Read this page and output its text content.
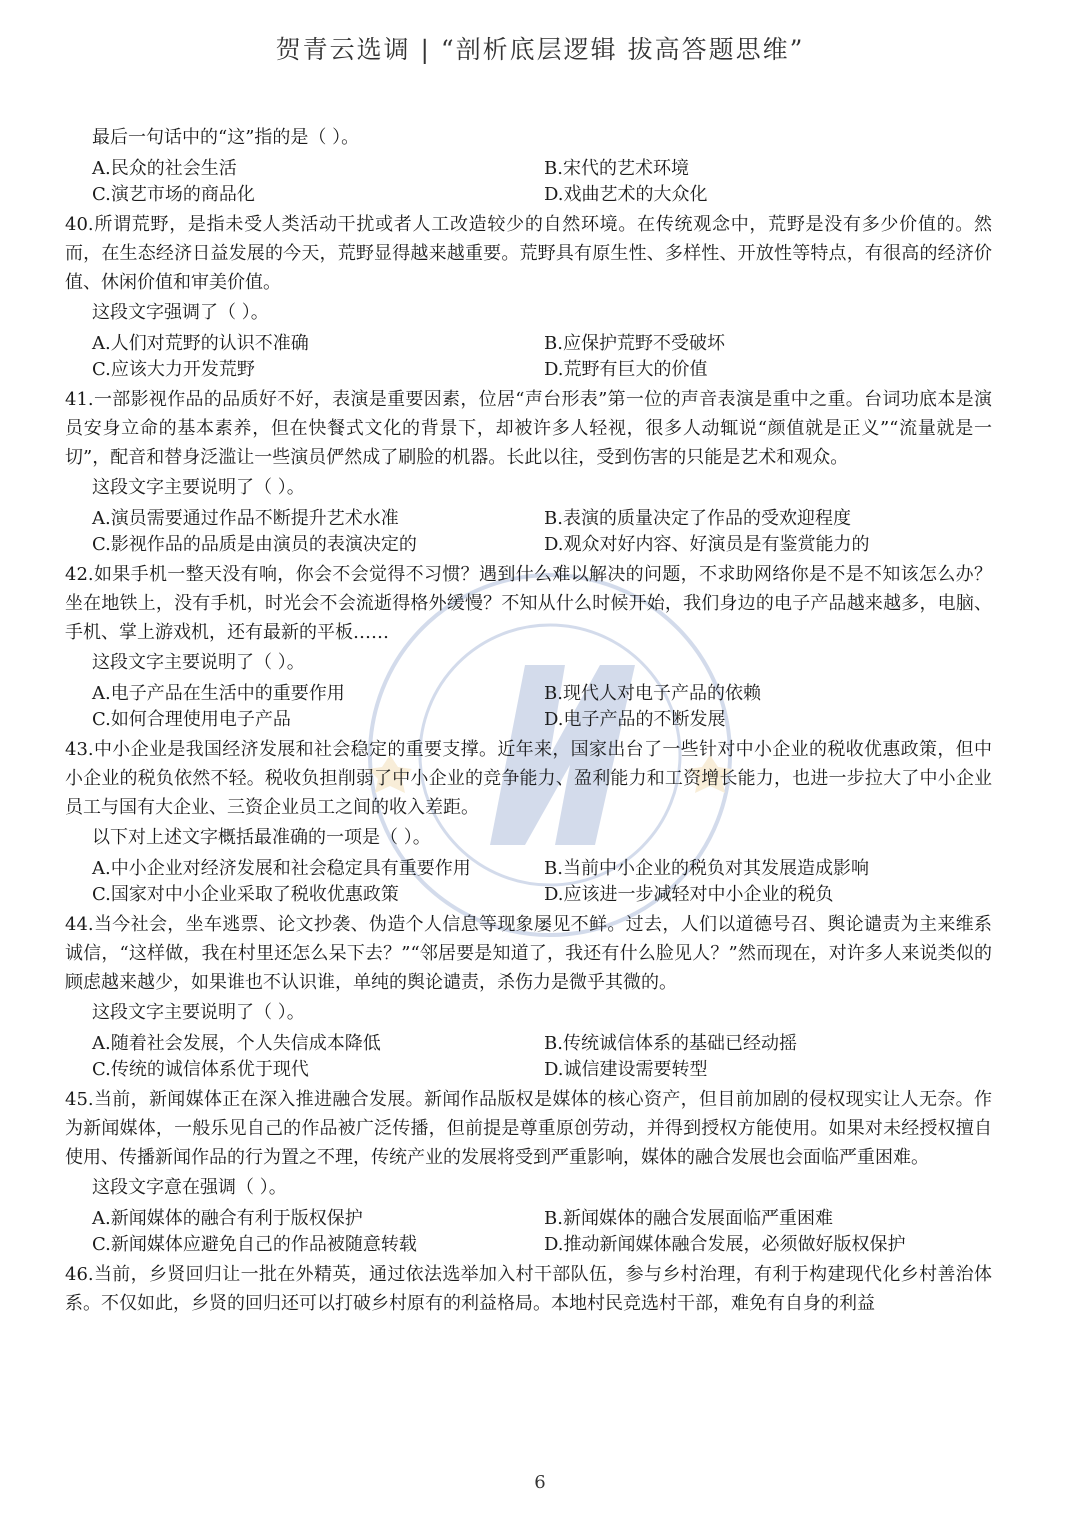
贺青云选调 | “剖析底层逻辑 拔高答题思维”

最后一句话中的“这”指的是（ ）。

A.民众的社会生活	B.宋代的艺术环境
C.演艺市场的商品化	D.戏曲艺术的大众化
40.所谓荒野，是指未受人类活动干扰或者人工改造较少的自然环境。在传统观念中，荒野是没有多少价值的。然而，在生态经济日益发展的今天，荒野显得越来越重要。荒野具有原生性、多样性、开放性等特点，有很高的经济价值、休闲价值和审美价值。

这段文字强调了（ ）。

A.人们对荒野的认识不准确	B.应保护荒野不受破坏
C.应该大力开发荒野	D.荒野有巨大的价值
41.一部影视作品的品质好不好，表演是重要因素，位居“声台形表”第一位的声音表演是重中之重。台词功底本是演员安身立命的基本素养，但在快餐式文化的背景下，却被许多人轻视，很多人动辄说“颜值就是正义”“流量就是一切”，配音和替身泛滥让一些演员俨然成了刷脸的机器。长此以往，受到伤害的只能是艺术和观众。

这段文字主要说明了（ ）。

A.演员需要通过作品不断提升艺术水准	B.表演的质量决定了作品的受欢迎程度
C.影视作品的品质是由演员的表演决定的	D.观众对好内容、好演员是有鉴赏能力的
42.如果手机一整天没有响，你会不会觉得不习惯？遇到什么难以解决的问题，不求助网络你是不是不知该怎么办？坐在地铁上，没有手机，时光会不会流逝得格外缓慢？不知从什么时候开始，我们身边的电子产品越来越多，电脑、手机、掌上游戏机，还有最新的平板……

这段文字主要说明了（ ）。

A.电子产品在生活中的重要作用	B.现代人对电子产品的依赖
C.如何合理使用电子产品	D.电子产品的不断发展
43.中小企业是我国经济发展和社会稳定的重要支撑。近年来，国家出台了一些针对中小企业的税收优惠政策，但中小企业的税负依然不轻。税收负担削弱了中小企业的竞争能力、盈利能力和工资增长能力，也进一步拉大了中小企业员工与国有大企业、三资企业员工之间的收入差距。

以下对上述文字概括最准确的一项是（ ）。

A.中小企业对经济发展和社会稳定具有重要作用	B.当前中小企业的税负对其发展造成影响
C.国家对中小企业采取了税收优惠政策	D.应该进一步减轻对中小企业的税负
44.当今社会，坐车逃票、论文抄袭、伪造个人信息等现象屡见不鲜。过去，人们以道德号召、舆论谴责为主来维系诚信，“这样做，我在村里还怎么呆下去？”“邻居要是知道了，我还有什么脸见人？”然而现在，对许多人来说类似的顾虑越来越少，如果谁也不认识谁，单纯的舆论谴责，杀伤力是微乎其微的。

这段文字主要说明了（ ）。

A.随着社会发展，个人失信成本降低	B.传统诚信体系的基础已经动摇
C.传统的诚信体系优于现代	D.诚信建设需要转型
45.当前，新闻媒体正在深入推进融合发展。新闻作品版权是媒体的核心资产，但目前加剧的侵权现实让人无奈。作为新闻媒体，一般乐见自己的作品被广泛传播，但前提是尊重原创劳动，并得到授权方能使用。如果对未经授权擅自使用、传播新闻作品的行为置之不理，传统产业的发展将受到严重影响，媒体的融合发展也会面临严重困难。

这段文字意在强调（ ）。

A.新闻媒体的融合有利于版权保护	B.新闻媒体的融合发展面临严重困难
C.新闻媒体应避免自己的作品被随意转载	D.推动新闻媒体融合发展，必须做好版权保护
46.当前，乡贤回归让一批在外精英，通过依法选举加入村干部队伍，参与乡村治理，有利于构建现代化乡村善治体系。不仅如此，乡贤的回归还可以打破乡村原有的利益格局。本地村民竞选村干部，难免有自身的利益
6
